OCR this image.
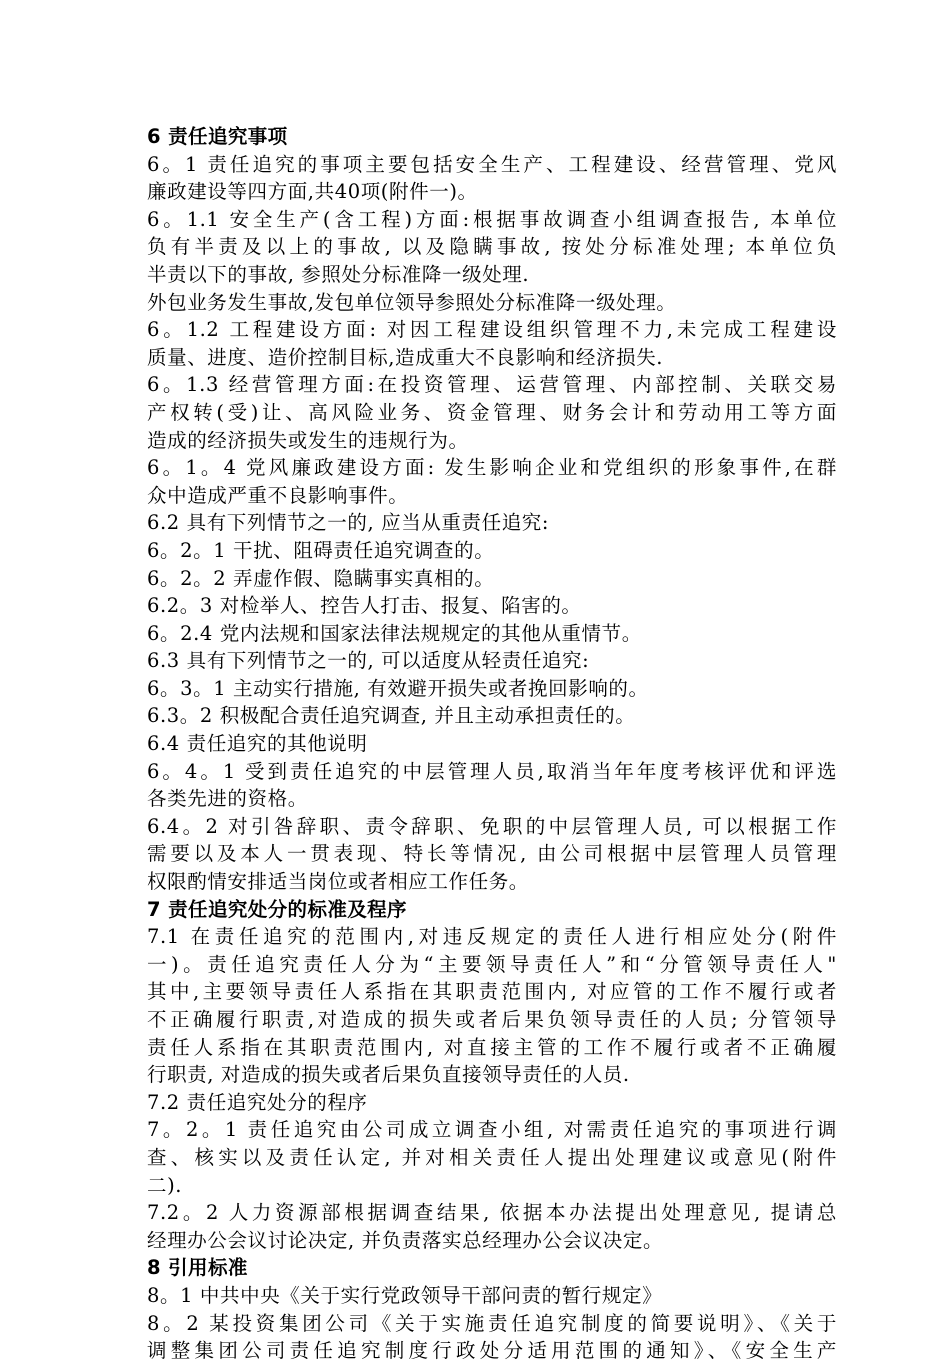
6 责任追究事项
6。1 责任追究的事项主要包括安全生产、工程建设、经营管理、党风
廉政建设等四方面,共40项(附件一)。
6。1.1 安全生产(含工程)方面:根据事故调查小组调查报告, 本单位
负有半责及以上的事故, 以及隐瞒事故, 按处分标准处理; 本单位负
半责以下的事故, 参照处分标准降一级处理.
外包业务发生事故,发包单位领导参照处分标准降一级处理。
6。1.2 工程建设方面: 对因工程建设组织管理不力,未完成工程建设
质量、进度、造价控制目标,造成重大不良影响和经济损失.
6。1.3 经营管理方面:在投资管理、运营管理、内部控制、关联交易
产权转(受)让、高风险业务、资金管理、财务会计和劳动用工等方面
造成的经济损失或发生的违规行为。
6。1。4 党风廉政建设方面: 发生影响企业和党组织的形象事件,在群
众中造成严重不良影响事件。
6.2 具有下列情节之一的, 应当从重责任追究:
6。2。1 干扰、阻碍责任追究调查的。
6。2。2 弄虚作假、隐瞒事实真相的。
6.2。3 对检举人、控告人打击、报复、陷害的。
6。2.4 党内法规和国家法律法规规定的其他从重情节。
6.3 具有下列情节之一的, 可以适度从轻责任追究:
6。3。1 主动实行措施, 有效避开损失或者挽回影响的。
6.3。2 积极配合责任追究调查, 并且主动承担责任的。
6.4 责任追究的其他说明
6。4。1 受到责任追究的中层管理人员,取消当年年度考核评优和评选
各类先进的资格。
6.4。2 对引咎辞职、责令辞职、免职的中层管理人员, 可以根据工作
需要以及本人一贯表现、特长等情况, 由公司根据中层管理人员管理
权限酌情安排适当岗位或者相应工作任务。
7 责任追究处分的标准及程序
7.1 在责任追究的范围内,对违反规定的责任人进行相应处分(附件
一)。责任追究责任人分为“主要领导责任人”和“分管领导责任人"
其中,主要领导责任人系指在其职责范围内, 对应管的工作不履行或者
不正确履行职责,对造成的损失或者后果负领导责任的人员; 分管领导
责任人系指在其职责范围内, 对直接主管的工作不履行或者不正确履
行职责, 对造成的损失或者后果负直接领导责任的人员.
7.2 责任追究处分的程序
7。2。1 责任追究由公司成立调查小组, 对需责任追究的事项进行调
查、核实以及责任认定, 并对相关责任人提出处理建议或意见(附件
二).
7.2。2 人力资源部根据调查结果, 依据本办法提出处理意见, 提请总
经理办公会议讨论决定, 并负责落实总经理办公会议决定。
8 引用标准
8。1 中共中央《关于实行党政领导干部问责的暂行规定》
8。2 某投资集团公司《关于实施责任追究制度的简要说明》、《关于
调整集团公司责任追究制度行政处分适用范围的通知》、《安全生产
